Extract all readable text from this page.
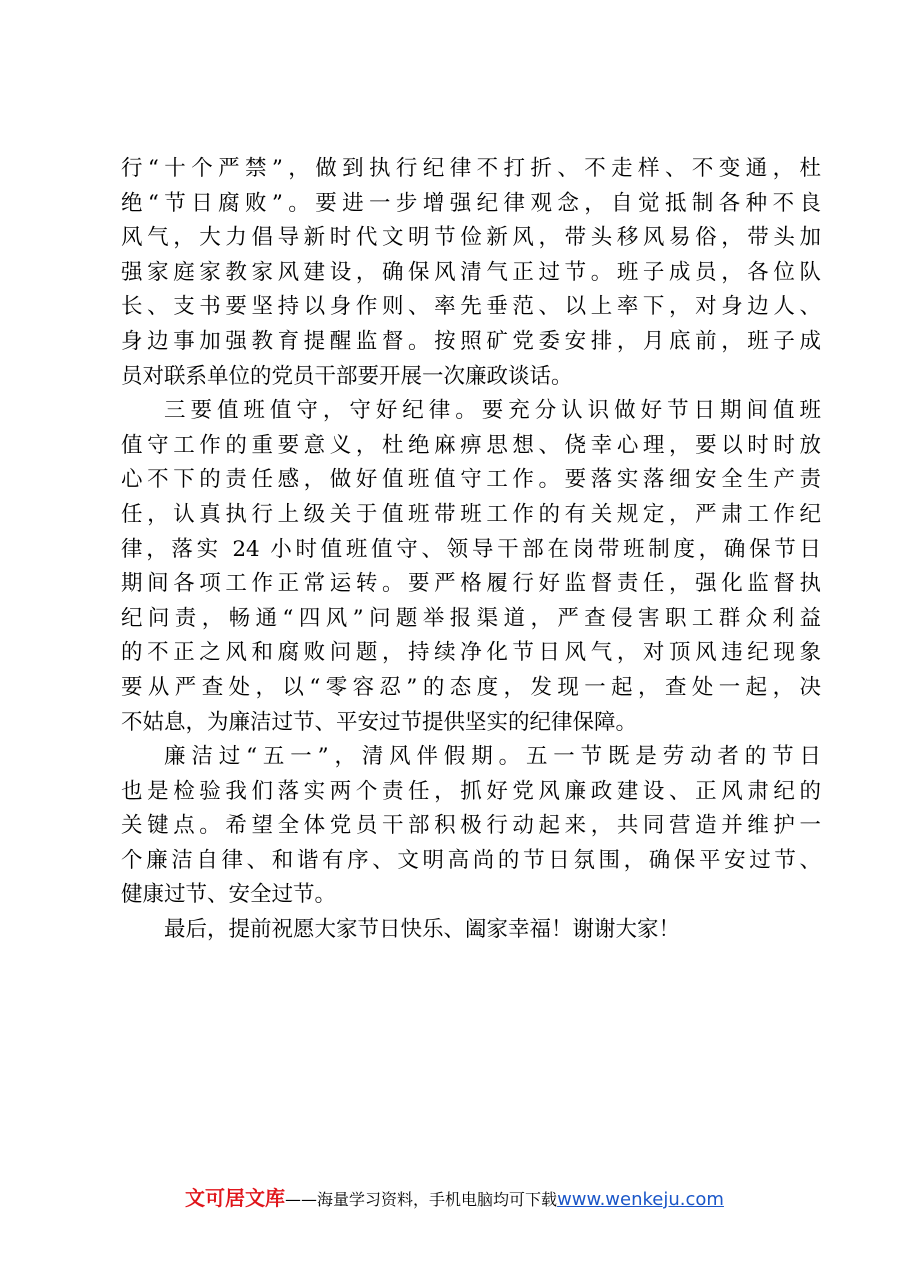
行“十个严禁”，做到执行纪律不打折、不走样、不变通，杜
绝“节日腐败”。要进一步增强纪律观念，自觉抵制各种不良
风气，大力倡导新时代文明节俭新风，带头移风易俗，带头加
强家庭家教家风建设，确保风清气正过节。班子成员，各位队
长、支书要坚持以身作则、率先垂范、以上率下，对身边人、
身边事加强教育提醒监督。按照矿党委安排，月底前，班子成
员对联系单位的党员干部要开展一次廉政谈话。
三要值班值守，守好纪律。要充分认识做好节日期间值班
值守工作的重要意义，杜绝麻痹思想、侥幸心理，要以时时放
心不下的责任感，做好值班值守工作。要落实落细安全生产责
任，认真执行上级关于值班带班工作的有关规定，严肃工作纪
律，落实 24 小时值班值守、领导干部在岗带班制度，确保节日
期间各项工作正常运转。要严格履行好监督责任，强化监督执
纪问责，畅通“四风”问题举报渠道，严查侵害职工群众利益
的不正之风和腐败问题，持续净化节日风气，对顶风违纪现象
要从严查处，以“零容忍”的态度，发现一起，查处一起，决
不姑息，为廉洁过节、平安过节提供坚实的纪律保障。
廉洁过“五一”，清风伴假期。五一节既是劳动者的节日
也是检验我们落实两个责任，抓好党风廉政建设、正风肃纪的
关键点。希望全体党员干部积极行动起来，共同营造并维护一
个廉洁自律、和谐有序、文明高尚的节日氛围，确保平安过节、
健康过节、安全过节。
最后，提前祝愿大家节日快乐、阖家幸福！谢谢大家！
文可居文库——海量学习资料，手机电脑均可下载www.wenkeju.com
